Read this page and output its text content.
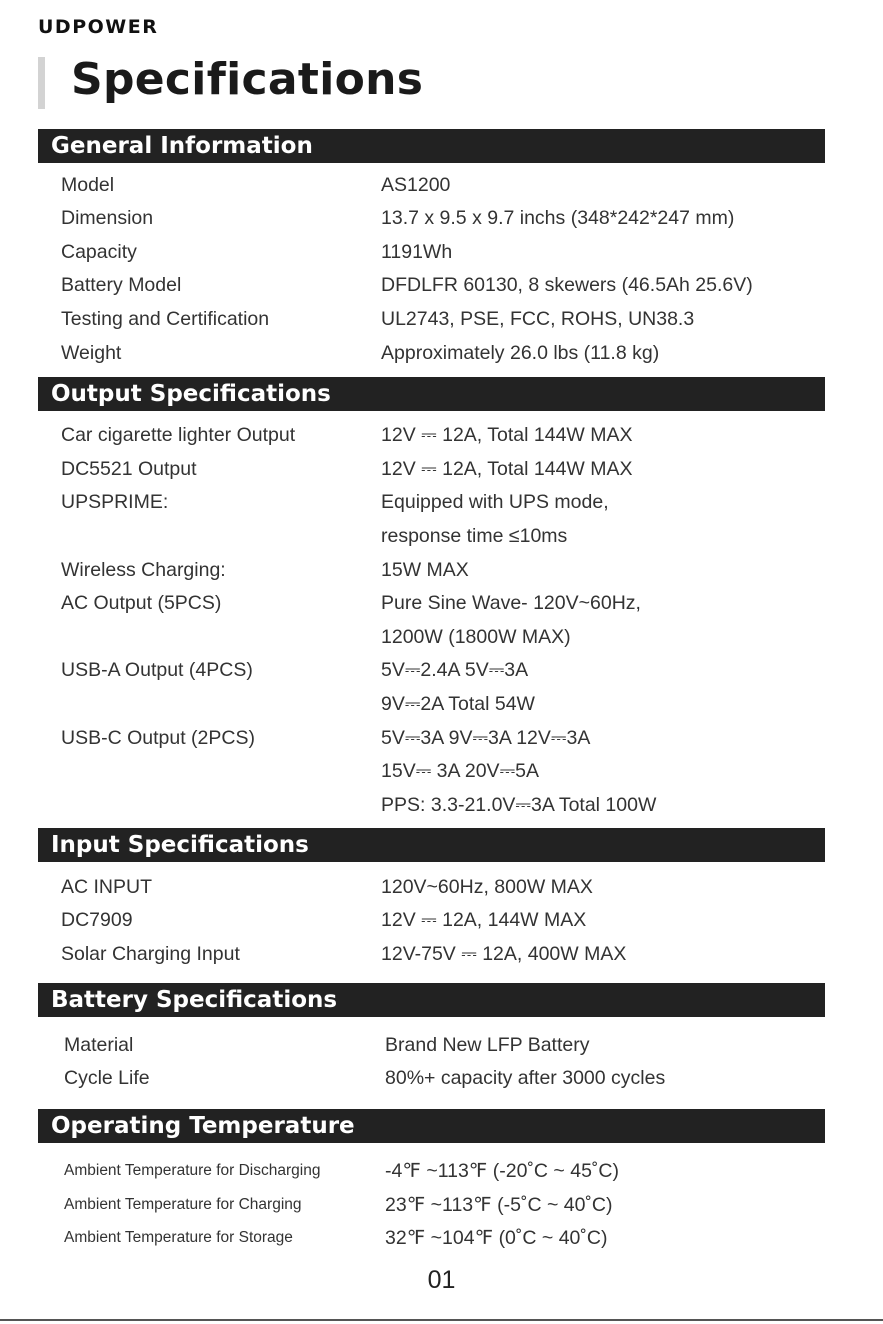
UDPOWER
Specifications
General Information
Model	AS1200
Dimension	13.7 x 9.5 x 9.7 inchs (348*242*247 mm)
Capacity	1191Wh
Battery Model	DFDLFR 60130, 8 skewers (46.5Ah 25.6V)
Testing and Certification	UL2743, PSE, FCC, ROHS, UN38.3
Weight	Approximately 26.0 lbs (11.8 kg)
Output Specifications
Car cigarette lighter Output	12V ⎓ 12A, Total 144W MAX
DC5521 Output	12V ⎓ 12A, Total 144W MAX
UPSPRIME:	Equipped with UPS mode,
response time ≤10ms
Wireless Charging:	15W MAX
AC Output (5PCS)	Pure Sine Wave- 120V~60Hz,
1200W (1800W MAX)
USB-A Output (4PCS)	5V⎓2.4A 5V⎓3A
9V⎓2A Total 54W
USB-C Output (2PCS)	5V⎓3A 9V⎓3A 12V⎓3A
15V⎓ 3A 20V⎓5A
PPS: 3.3-21.0V⎓3A Total 100W
Input Specifications
AC INPUT	120V~60Hz, 800W MAX
DC7909	12V ⎓ 12A, 144W MAX
Solar Charging Input	12V-75V ⎓ 12A, 400W MAX
Battery Specifications
Material	Brand New LFP Battery
Cycle Life	80%+ capacity after 3000 cycles
Operating Temperature
Ambient Temperature for Discharging	-4℉ ~113℉ (-20˚C ~ 45˚C)
Ambient Temperature for Charging	23℉ ~113℉ (-5˚C ~ 40˚C)
Ambient Temperature for Storage	32℉ ~104℉ (0˚C ~ 40˚C)
01
